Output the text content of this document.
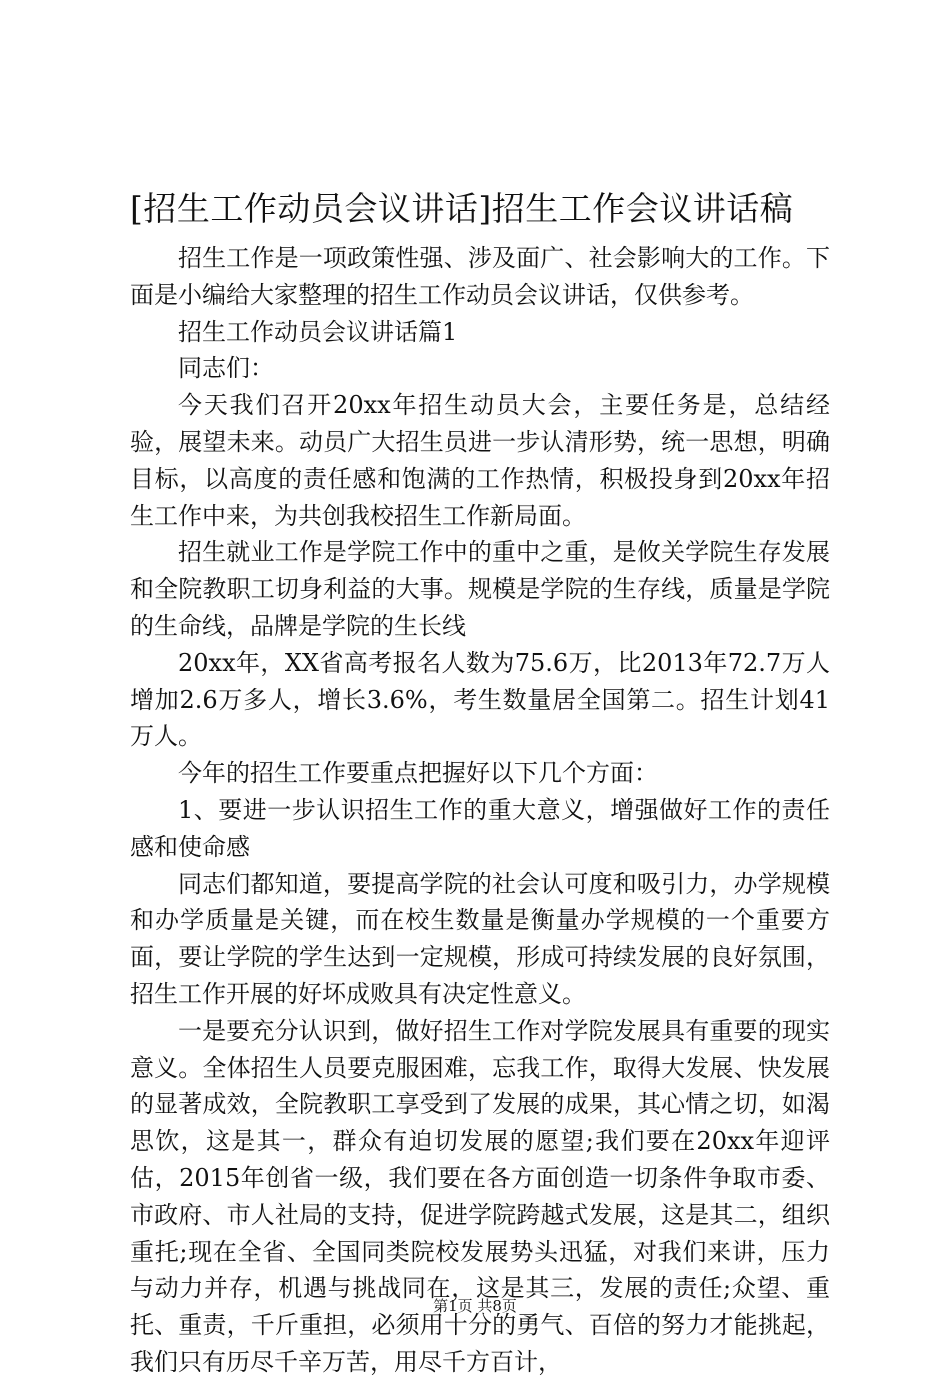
[招生工作动员会议讲话]招生工作会议讲话稿

招生工作是一项政策性强、涉及面广、社会影响大的工作。下面是小编给大家整理的招生工作动员会议讲话，仅供参考。

招生工作动员会议讲话篇1

同志们：

今天我们召开20xx年招生动员大会，主要任务是，总结经验，展望未来。动员广大招生员进一步认清形势，统一思想，明确目标，以高度的责任感和饱满的工作热情，积极投身到20xx年招生工作中来，为共创我校招生工作新局面。

招生就业工作是学院工作中的重中之重，是攸关学院生存发展和全院教职工切身利益的大事。规模是学院的生存线，质量是学院的生命线，品牌是学院的生长线

20xx年，XX省高考报名人数为75.6万，比2013年72.7万人增加2.6万多人，增长3.6%，考生数量居全国第二。招生计划41万人。

今年的招生工作要重点把握好以下几个方面：

1、要进一步认识招生工作的重大意义，增强做好工作的责任感和使命感

同志们都知道，要提高学院的社会认可度和吸引力，办学规模和办学质量是关键，而在校生数量是衡量办学规模的一个重要方面，要让学院的学生达到一定规模，形成可持续发展的良好氛围，招生工作开展的好坏成败具有决定性意义。

一是要充分认识到，做好招生工作对学院发展具有重要的现实意义。全体招生人员要克服困难，忘我工作，取得大发展、快发展的显著成效，全院教职工享受到了发展的成果，其心情之切，如渴思饮，这是其一，群众有迫切发展的愿望;我们要在20xx年迎评估，2015年创省一级，我们要在各方面创造一切条件争取市委、市政府、市人社局的支持，促进学院跨越式发展，这是其二，组织重托;现在全省、全国同类院校发展势头迅猛，对我们来讲，压力与动力并存，机遇与挑战同在，这是其三，发展的责任;众望、重托、重责，千斤重担，必须用十分的勇气、百倍的努力才能挑起，我们只有历尽千辛万苦，用尽千方百计，

第1页 共8页
